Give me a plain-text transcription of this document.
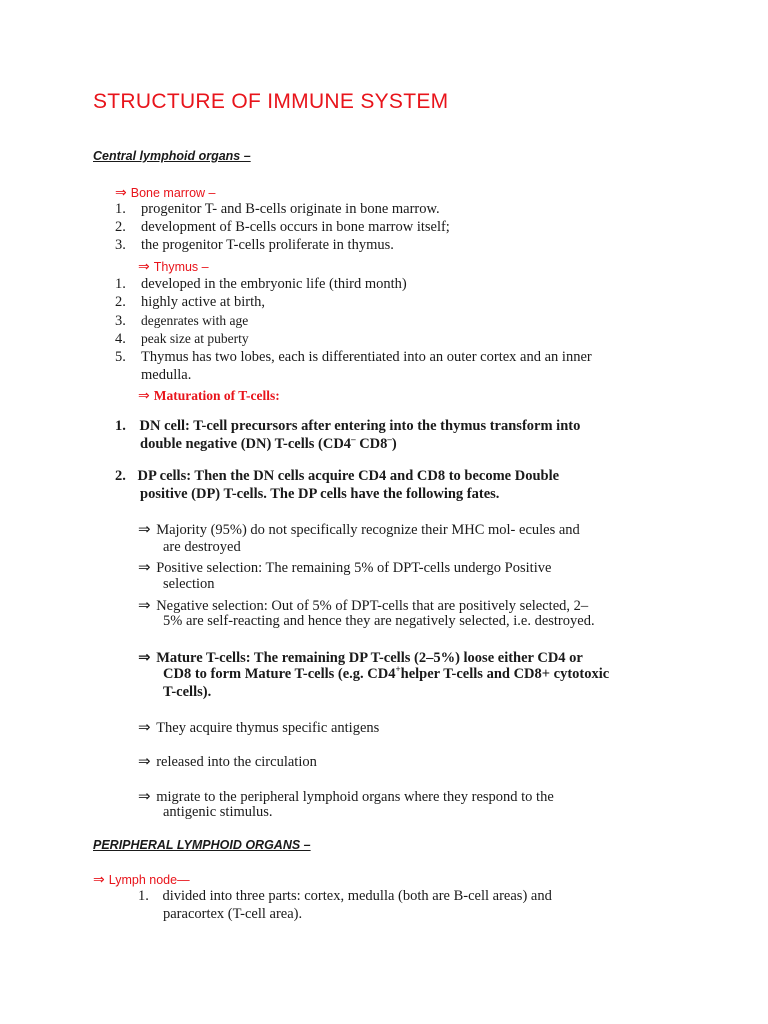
STRUCTURE OF IMMUNE SYSTEM
Central lymphoid organs –
⇒ Bone marrow –
1. progenitor T- and B-cells originate in bone marrow.
2. development of B-cells occurs in bone marrow itself;
3. the progenitor T-cells proliferate in thymus.
⇒ Thymus –
1. developed in the embryonic life (third month)
2. highly active at birth,
3. degenrates with age
4. peak size at puberty
5. Thymus has two lobes, each is differentiated into an outer cortex and an inner
medulla.
⇒ Maturation of T-cells:
1. DN cell: T-cell precursors after entering into the thymus transform into
double negative (DN) T-cells (CD4– CD8–)
2. DP cells: Then the DN cells acquire CD4 and CD8 to become Double
positive (DP) T-cells. The DP cells have the following fates.
⇒ Majority (95%) do not specifically recognize their MHC mol- ecules and
are destroyed
⇒ Positive selection: The remaining 5% of DPT-cells undergo Positive
selection
⇒ Negative selection: Out of 5% of DPT-cells that are positively selected, 2–
5% are self-reacting and hence they are negatively selected, i.e. destroyed.
⇒ Mature T-cells: The remaining DP T-cells (2–5%) loose either CD4 or
CD8 to form Mature T-cells (e.g. CD4+helper T-cells and CD8+ cytotoxic
T-cells).
⇒ They acquire thymus specific antigens
⇒ released into the circulation
⇒ migrate to the peripheral lymphoid organs where they respond to the
antigenic stimulus.
PERIPHERAL LYMPHOID ORGANS –
⇒ Lymph node—
1. divided into three parts: cortex, medulla (both are B-cell areas) and
paracortex (T-cell area).
